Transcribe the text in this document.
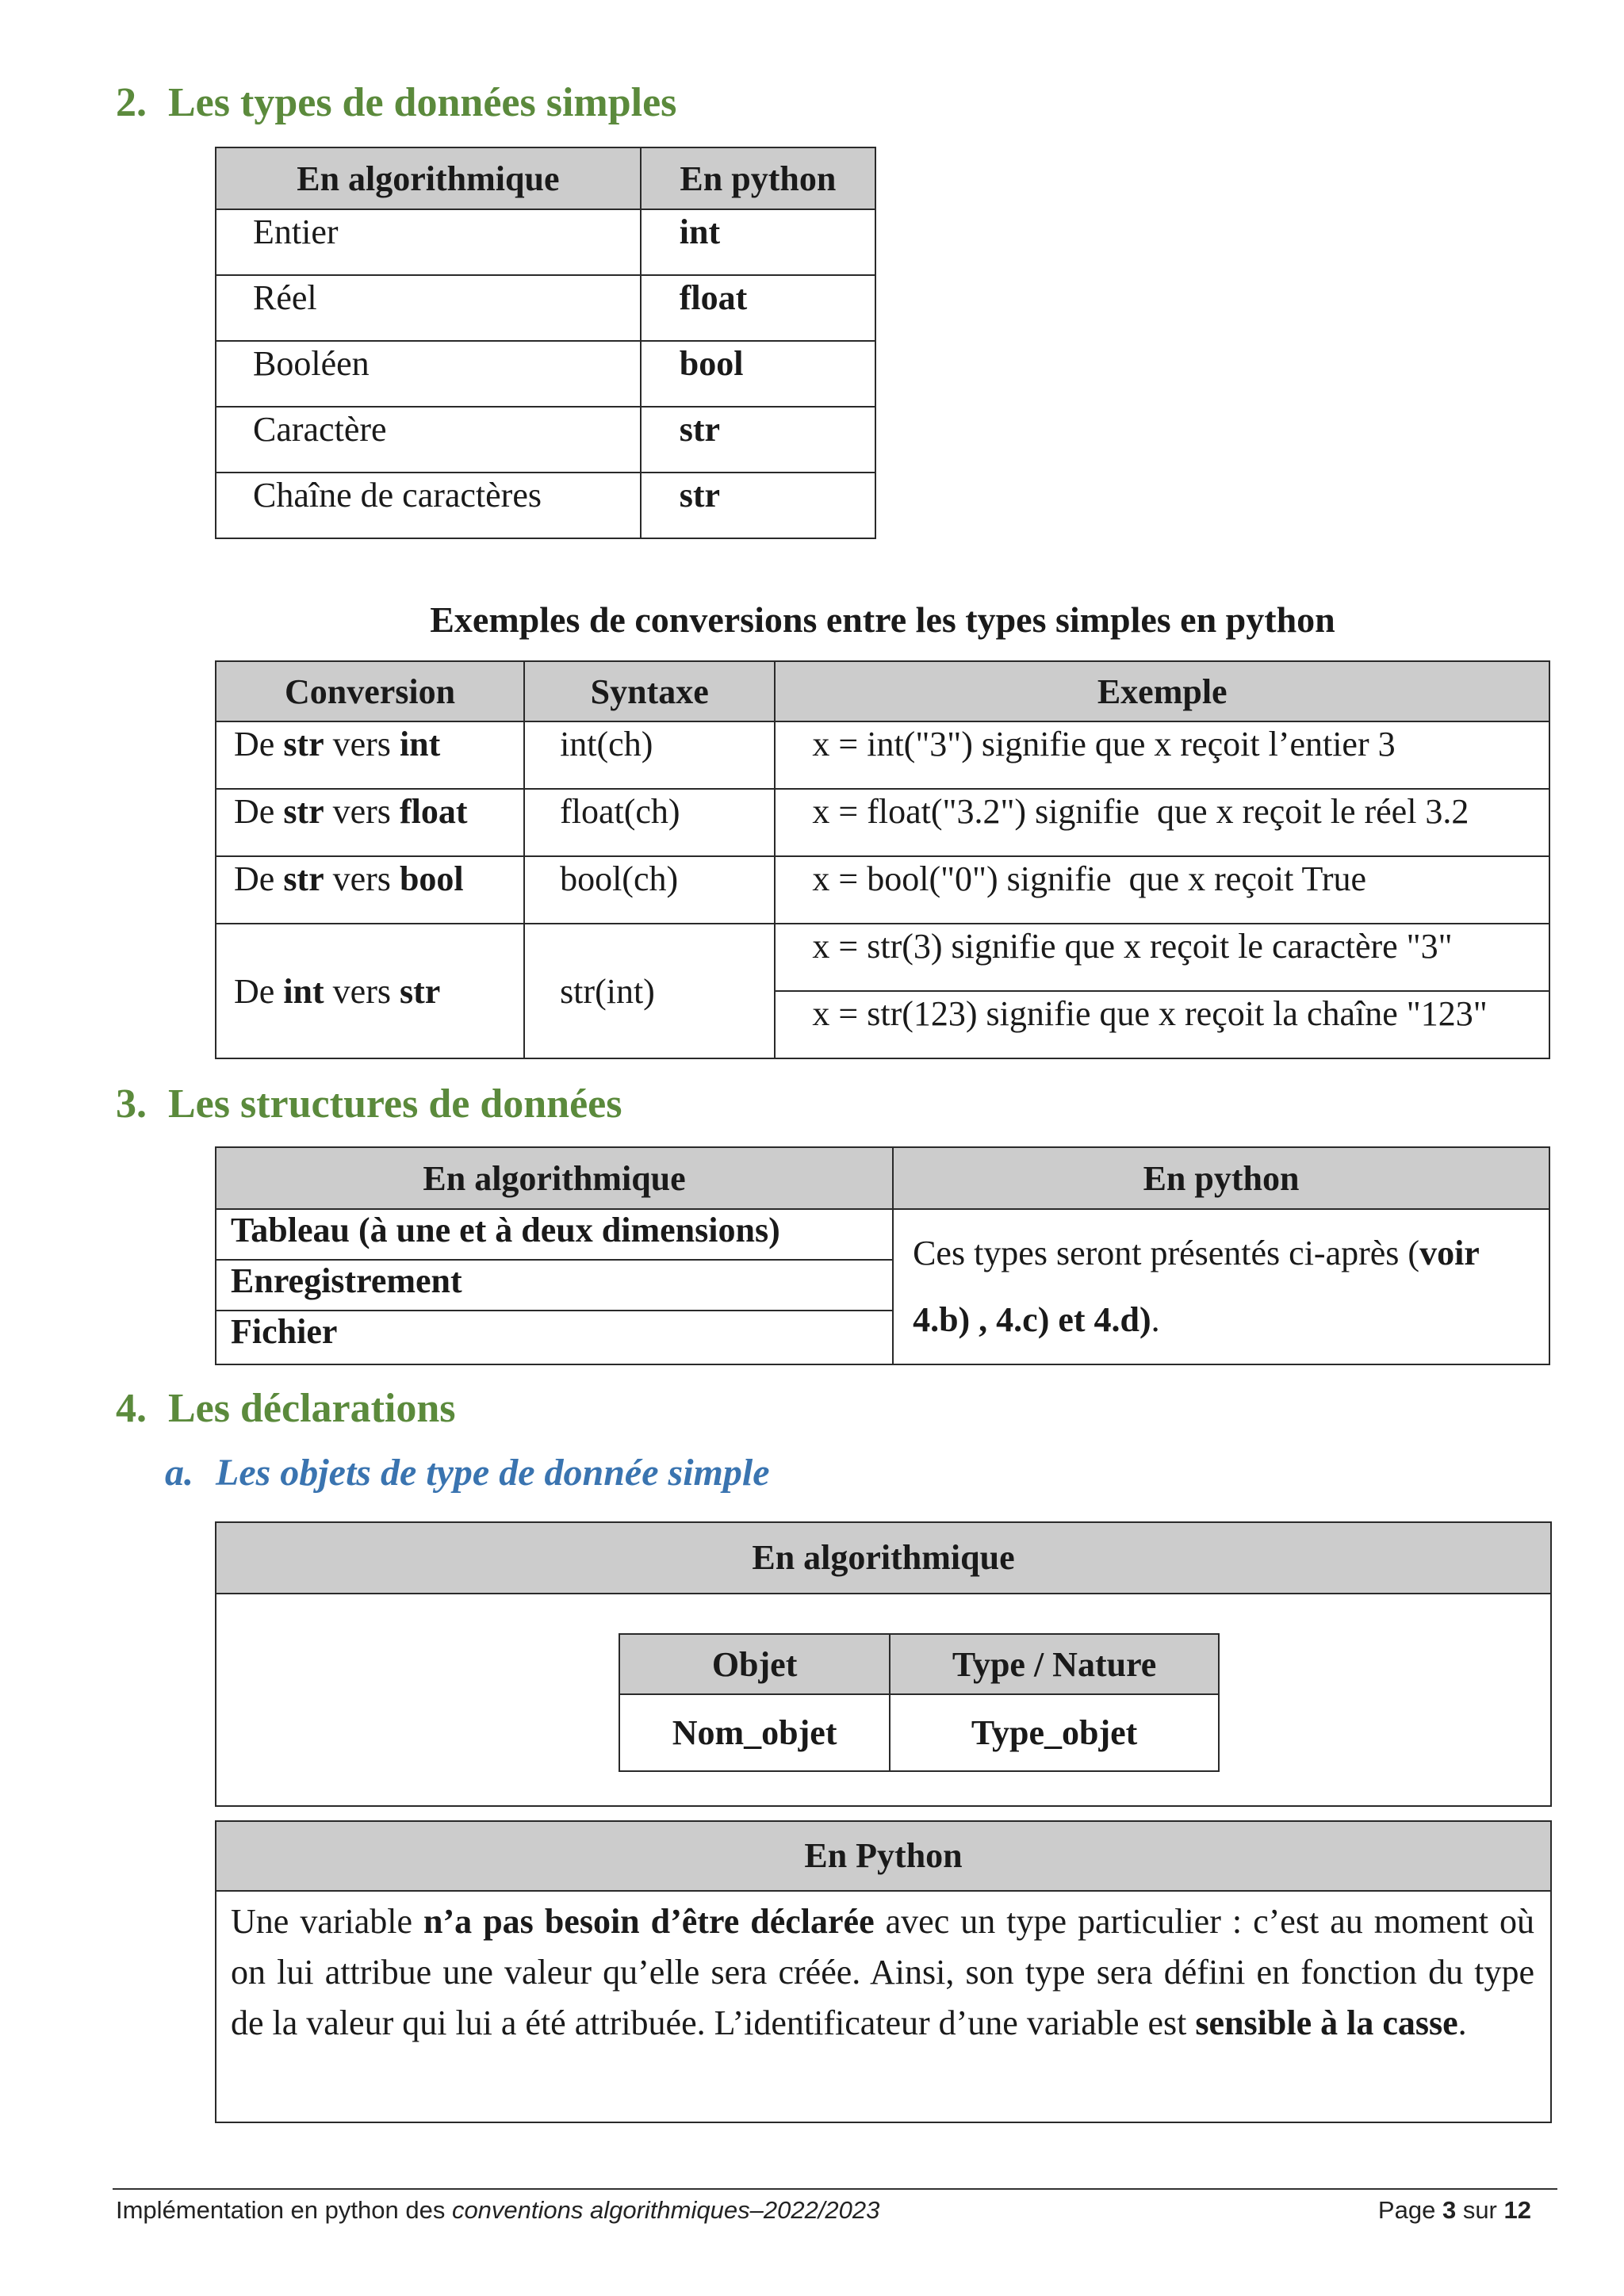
2. Les types de données simples
En algorithmique	En python
Entier	int
Réel	float
Booléen	bool
Caractère	str
Chaîne de caractères	str
Exemples de conversions entre les types simples en python
Conversion	Syntaxe	Exemple
De str vers int	int(ch)	x = int("3") signifie que x reçoit l’entier 3
De str vers float	float(ch)	x = float("3.2") signifie  que x reçoit le réel 3.2
De str vers bool	bool(ch)	x = bool("0") signifie  que x reçoit True
De int vers str	str(int)	x = str(3) signifie que x reçoit le caractère "3"
		x = str(123) signifie que x reçoit la chaîne "123"
3. Les structures de données
En algorithmique	En python
Tableau (à une et à deux dimensions)	Ces types seront présentés ci-après (voir 4.b) , 4.c) et 4.d).
Enregistrement	
Fichier	
4. Les déclarations
a. Les objets de type de donnée simple
En algorithmique
Objet	Type / Nature
Nom_objet	Type_objet
En Python
Une variable n’a pas besoin d’être déclarée avec un type particulier : c’est au moment où on lui attribue une valeur qu’elle sera créée. Ainsi, son type sera défini en fonction du type de la valeur qui lui a été attribuée. L’identificateur d’une variable est sensible à la casse.
Implémentation en python des conventions algorithmiques–2022/2023	Page 3 sur 12
